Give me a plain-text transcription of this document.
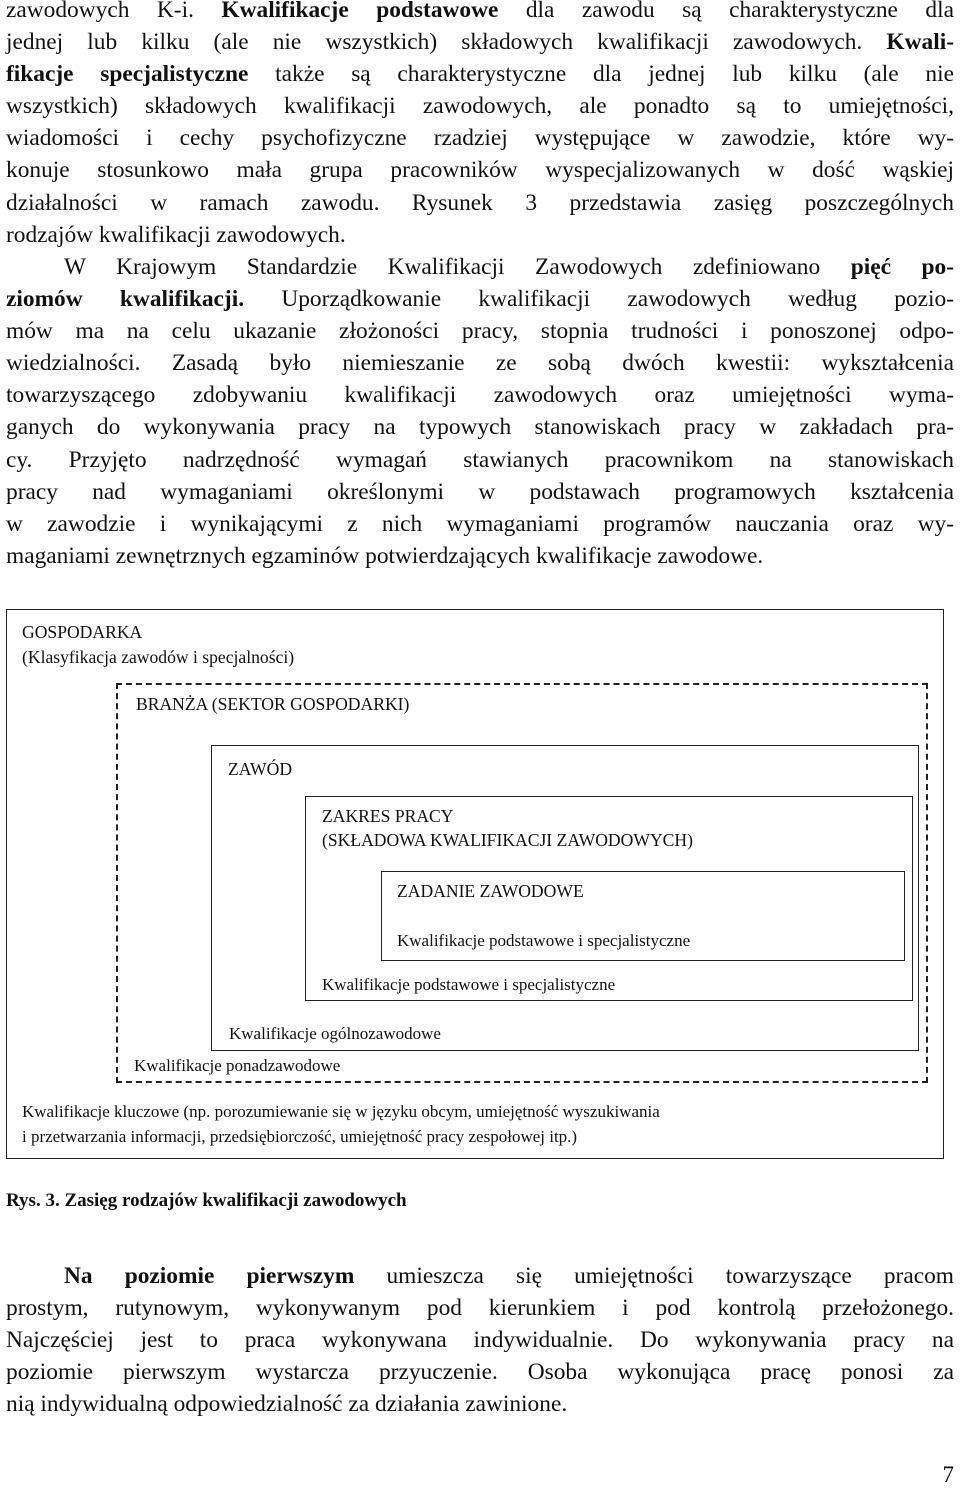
zawodowych K-i. Kwalifikacje podstawowe dla zawodu są charakterystyczne dla
jednej lub kilku (ale nie wszystkich) składowych kwalifikacji zawodowych. Kwali-
fikacje specjalistyczne także są charakterystyczne dla jednej lub kilku (ale nie
wszystkich) składowych kwalifikacji zawodowych, ale ponadto są to umiejętności,
wiadomości i cechy psychofizyczne rzadziej występujące w zawodzie, które wy-
konuje stosunkowo mała grupa pracowników wyspecjalizowanych w dość wąskiej
działalności w ramach zawodu. Rysunek 3 przedstawia zasięg poszczególnych
rodzajów kwalifikacji zawodowych.
W Krajowym Standardzie Kwalifikacji Zawodowych zdefiniowano pięć po-
ziomów kwalifikacji. Uporządkowanie kwalifikacji zawodowych według pozio-
mów ma na celu ukazanie złożoności pracy, stopnia trudności i ponoszonej odpo-
wiedzialności. Zasadą było niemieszanie ze sobą dwóch kwestii: wykształcenia
towarzyszącego zdobywaniu kwalifikacji zawodowych oraz umiejętności wyma-
ganych do wykonywania pracy na typowych stanowiskach pracy w zakładach pra-
cy. Przyjęto nadrzędność wymagań stawianych pracownikom na stanowiskach
pracy nad wymaganiami określonymi w podstawach programowych kształcenia
w zawodzie i wynikającymi z nich wymaganiami programów nauczania oraz wy-
maganiami zewnętrznych egzaminów potwierdzających kwalifikacje zawodowe.
GOSPODARKA
(Klasyfikacja zawodów i specjalności)
BRANŻA (SEKTOR GOSPODARKI)
ZAWÓD
ZAKRES PRACY
(SKŁADOWA KWALIFIKACJI ZAWODOWYCH)
ZADANIE ZAWODOWE
Kwalifikacje podstawowe i specjalistyczne
Kwalifikacje podstawowe i specjalistyczne
Kwalifikacje ogólnozawodowe
Kwalifikacje ponadzawodowe
Kwalifikacje kluczowe (np. porozumiewanie się w języku obcym, umiejętność wyszukiwania
i przetwarzania informacji, przedsiębiorczość, umiejętność pracy zespołowej itp.)
Rys. 3. Zasięg rodzajów kwalifikacji zawodowych
Na poziomie pierwszym umieszcza się umiejętności towarzyszące pracom
prostym, rutynowym, wykonywanym pod kierunkiem i pod kontrolą przełożonego.
Najczęściej jest to praca wykonywana indywidualnie. Do wykonywania pracy na
poziomie pierwszym wystarcza przyuczenie. Osoba wykonująca pracę ponosi za
nią indywidualną odpowiedzialność za działania zawinione.
7
